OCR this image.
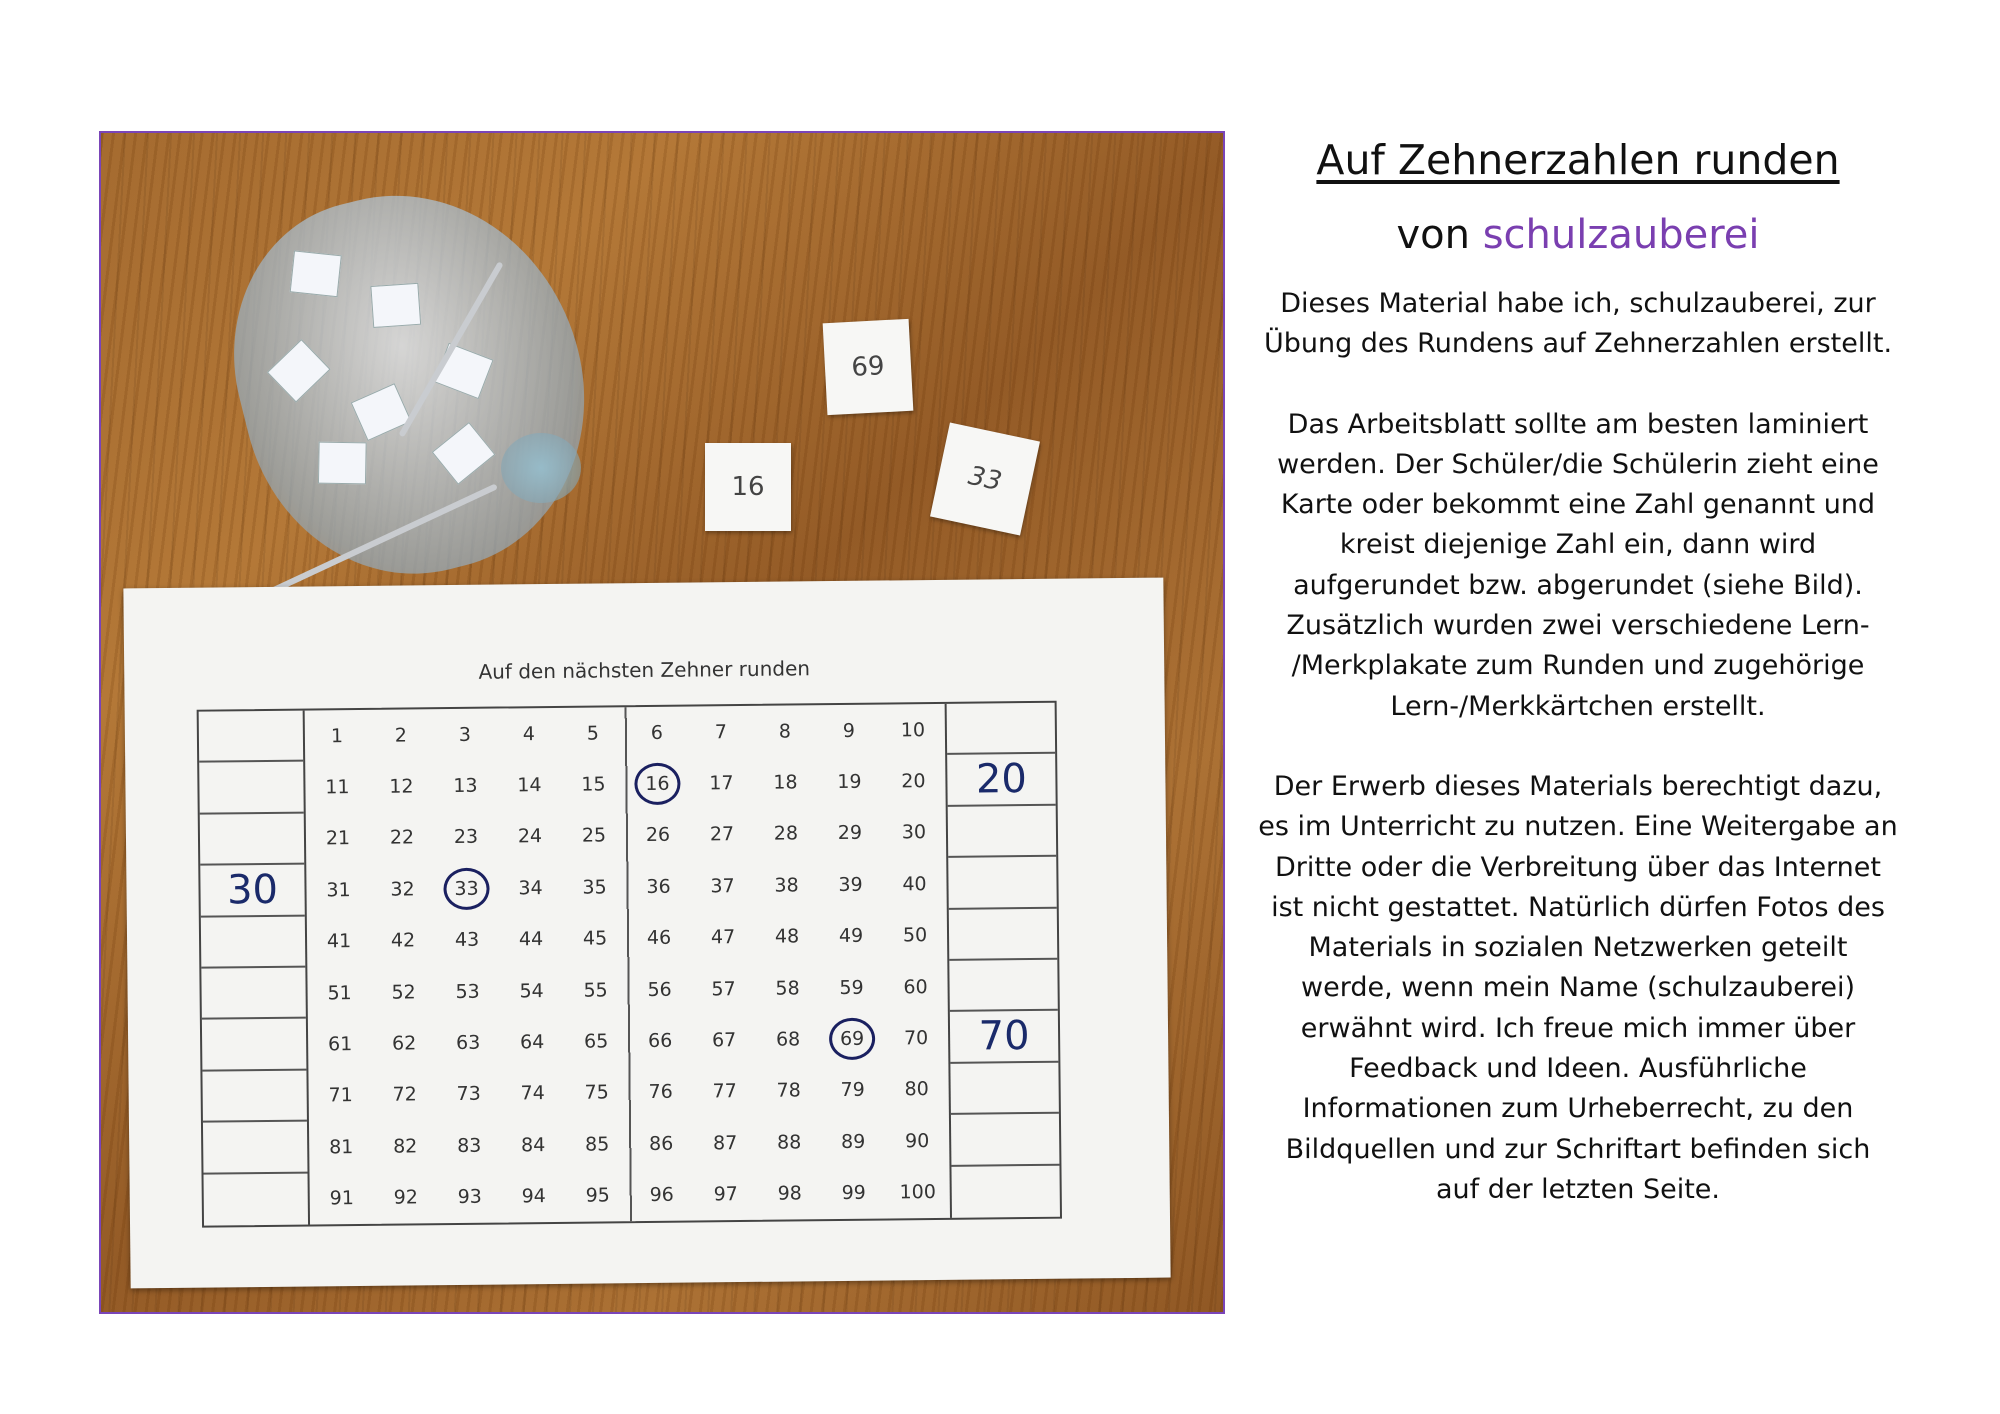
69
16	33
Auf den nächsten Zehner runden
30
1	2	3	4	5	6	7	8	9	10
11	12	13	14	15	16	17	18	19	20
21	22	23	24	25	26	27	28	29	30
31	32	33	34	35	36	37	38	39	40
41	42	43	44	45	46	47	48	49	50
51	52	53	54	55	56	57	58	59	60
61	62	63	64	65	66	67	68	69	70
71	72	73	74	75	76	77	78	79	80
81	82	83	84	85	86	87	88	89	90
91	92	93	94	95	96	97	98	99	100
20
70
Auf Zehnerzahlen runden
von schulzauberei

Dieses Material habe ich, schulzauberei, zur
Übung des Rundens auf Zehnerzahlen erstellt.

Das Arbeitsblatt sollte am besten laminiert
werden. Der Schüler/die Schülerin zieht eine
Karte oder bekommt eine Zahl genannt und
kreist diejenige Zahl ein, dann wird
aufgerundet bzw. abgerundet (siehe Bild).
Zusätzlich wurden zwei verschiedene Lern-
/Merkplakate zum Runden und zugehörige
Lern-/Merkkärtchen erstellt.

Der Erwerb dieses Materials berechtigt dazu,
es im Unterricht zu nutzen. Eine Weitergabe an
Dritte oder die Verbreitung über das Internet
ist nicht gestattet. Natürlich dürfen Fotos des
Materials in sozialen Netzwerken geteilt
werde, wenn mein Name (schulzauberei)
erwähnt wird. Ich freue mich immer über
Feedback und Ideen. Ausführliche
Informationen zum Urheberrecht, zu den
Bildquellen und zur Schriftart befinden sich
auf der letzten Seite.
